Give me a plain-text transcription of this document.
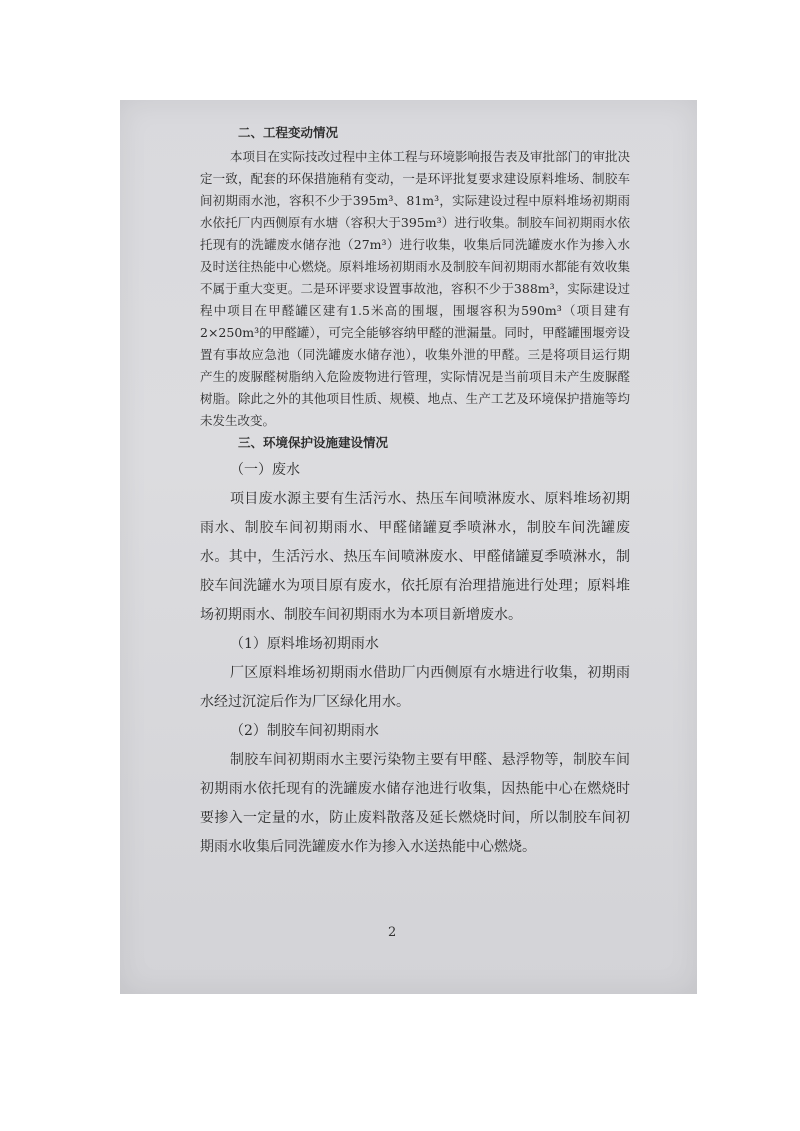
二、工程变动情况

本项目在实际技改过程中主体工程与环境影响报告表及审批部门的审批决定一致，配套的环保措施稍有变动，一是环评批复要求建设原料堆场、制胶车间初期雨水池，容积不少于395m³、81m³，实际建设过程中原料堆场初期雨水依托厂内西侧原有水塘（容积大于395m³）进行收集。制胶车间初期雨水依托现有的洗罐废水储存池（27m³）进行收集，收集后同洗罐废水作为掺入水及时送往热能中心燃烧。原料堆场初期雨水及制胶车间初期雨水都能有效收集不属于重大变更。二是环评要求设置事故池，容积不少于388m³，实际建设过程中项目在甲醛罐区建有1.5米高的围堰，围堰容积为590m³（项目建有2×250m³的甲醛罐），可完全能够容纳甲醛的泄漏量。同时，甲醛罐围堰旁设置有事故应急池（同洗罐废水储存池），收集外泄的甲醛。三是将项目运行期产生的废脲醛树脂纳入危险废物进行管理，实际情况是当前项目未产生废脲醛树脂。除此之外的其他项目性质、规模、地点、生产工艺及环境保护措施等均未发生改变。

三、环境保护设施建设情况

（一）废水

项目废水源主要有生活污水、热压车间喷淋废水、原料堆场初期雨水、制胶车间初期雨水、甲醛储罐夏季喷淋水，制胶车间洗罐废水。其中，生活污水、热压车间喷淋废水、甲醛储罐夏季喷淋水，制胶车间洗罐水为项目原有废水，依托原有治理措施进行处理；原料堆场初期雨水、制胶车间初期雨水为本项目新增废水。

（1）原料堆场初期雨水

厂区原料堆场初期雨水借助厂内西侧原有水塘进行收集，初期雨水经过沉淀后作为厂区绿化用水。

（2）制胶车间初期雨水

制胶车间初期雨水主要污染物主要有甲醛、悬浮物等，制胶车间初期雨水依托现有的洗罐废水储存池进行收集，因热能中心在燃烧时要掺入一定量的水，防止废料散落及延长燃烧时间，所以制胶车间初期雨水收集后同洗罐废水作为掺入水送热能中心燃烧。

2
